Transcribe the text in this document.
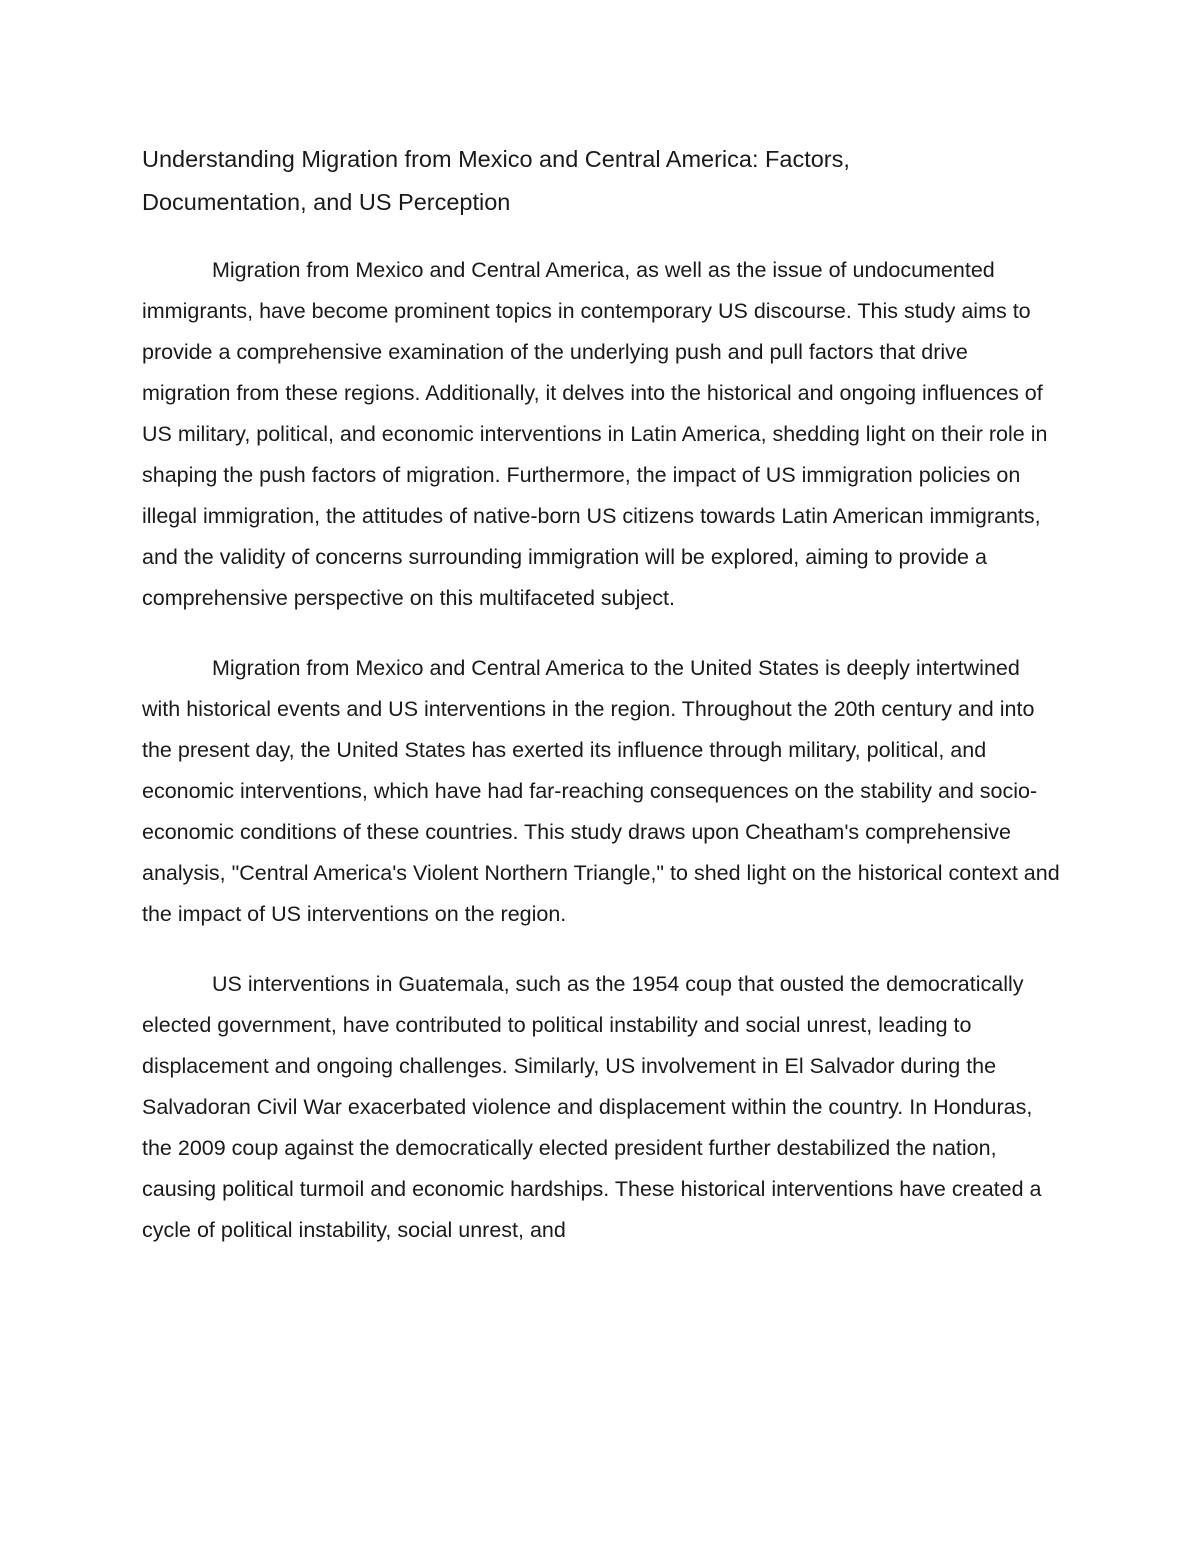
Understanding Migration from Mexico and Central America: Factors, Documentation, and US Perception

Migration from Mexico and Central America, as well as the issue of undocumented immigrants, have become prominent topics in contemporary US discourse. This study aims to provide a comprehensive examination of the underlying push and pull factors that drive migration from these regions. Additionally, it delves into the historical and ongoing influences of US military, political, and economic interventions in Latin America, shedding light on their role in shaping the push factors of migration. Furthermore, the impact of US immigration policies on illegal immigration, the attitudes of native-born US citizens towards Latin American immigrants, and the validity of concerns surrounding immigration will be explored, aiming to provide a comprehensive perspective on this multifaceted subject.

Migration from Mexico and Central America to the United States is deeply intertwined with historical events and US interventions in the region. Throughout the 20th century and into the present day, the United States has exerted its influence through military, political, and economic interventions, which have had far-reaching consequences on the stability and socio-economic conditions of these countries. This study draws upon Cheatham's comprehensive analysis, "Central America's Violent Northern Triangle," to shed light on the historical context and the impact of US interventions on the region.

US interventions in Guatemala, such as the 1954 coup that ousted the democratically elected government, have contributed to political instability and social unrest, leading to displacement and ongoing challenges. Similarly, US involvement in El Salvador during the Salvadoran Civil War exacerbated violence and displacement within the country. In Honduras, the 2009 coup against the democratically elected president further destabilized the nation, causing political turmoil and economic hardships. These historical interventions have created a cycle of political instability, social unrest, and
